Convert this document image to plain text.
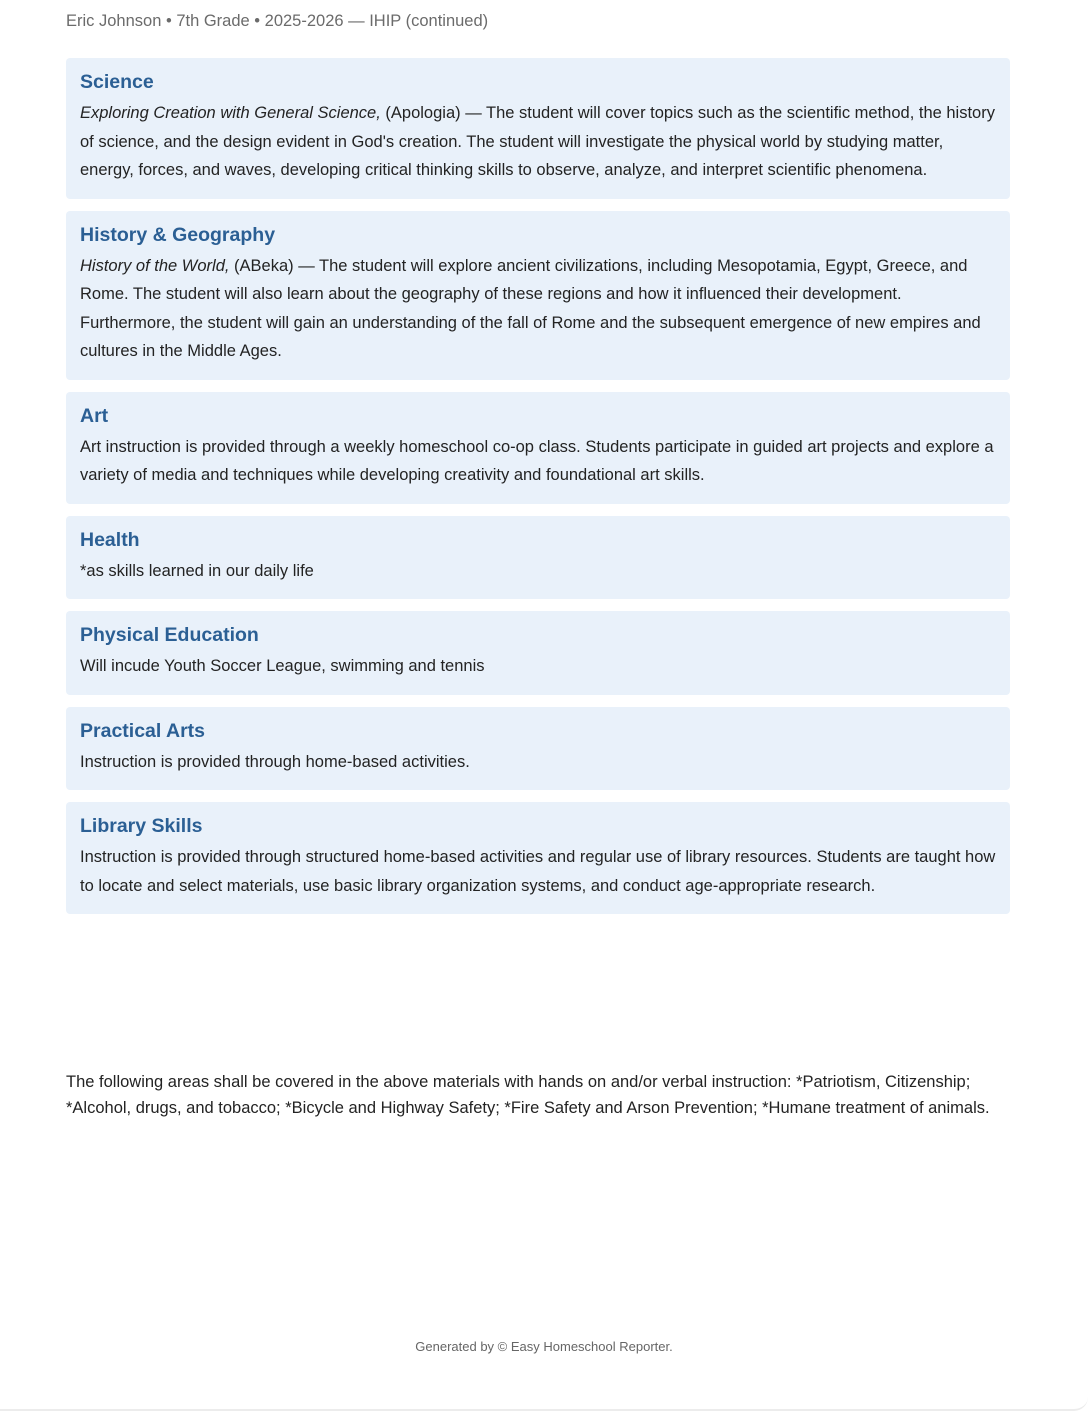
Eric Johnson • 7th Grade • 2025-2026 — IHIP (continued)
Science
Exploring Creation with General Science, (Apologia) — The student will cover topics such as the scientific method, the history of science, and the design evident in God's creation. The student will investigate the physical world by studying matter, energy, forces, and waves, developing critical thinking skills to observe, analyze, and interpret scientific phenomena.
History & Geography
History of the World, (ABeka) — The student will explore ancient civilizations, including Mesopotamia, Egypt, Greece, and Rome. The student will also learn about the geography of these regions and how it influenced their development. Furthermore, the student will gain an understanding of the fall of Rome and the subsequent emergence of new empires and cultures in the Middle Ages.
Art
Art instruction is provided through a weekly homeschool co-op class. Students participate in guided art projects and explore a variety of media and techniques while developing creativity and foundational art skills.
Health
*as skills learned in our daily life
Physical Education
Will incude Youth Soccer League, swimming and tennis
Practical Arts
Instruction is provided through home-based activities.
Library Skills
Instruction is provided through structured home-based activities and regular use of library resources. Students are taught how to locate and select materials, use basic library organization systems, and conduct age-appropriate research.
The following areas shall be covered in the above materials with hands on and/or verbal instruction: *Patriotism, Citizenship; *Alcohol, drugs, and tobacco; *Bicycle and Highway Safety; *Fire Safety and Arson Prevention; *Humane treatment of animals.
Generated by © Easy Homeschool Reporter.
